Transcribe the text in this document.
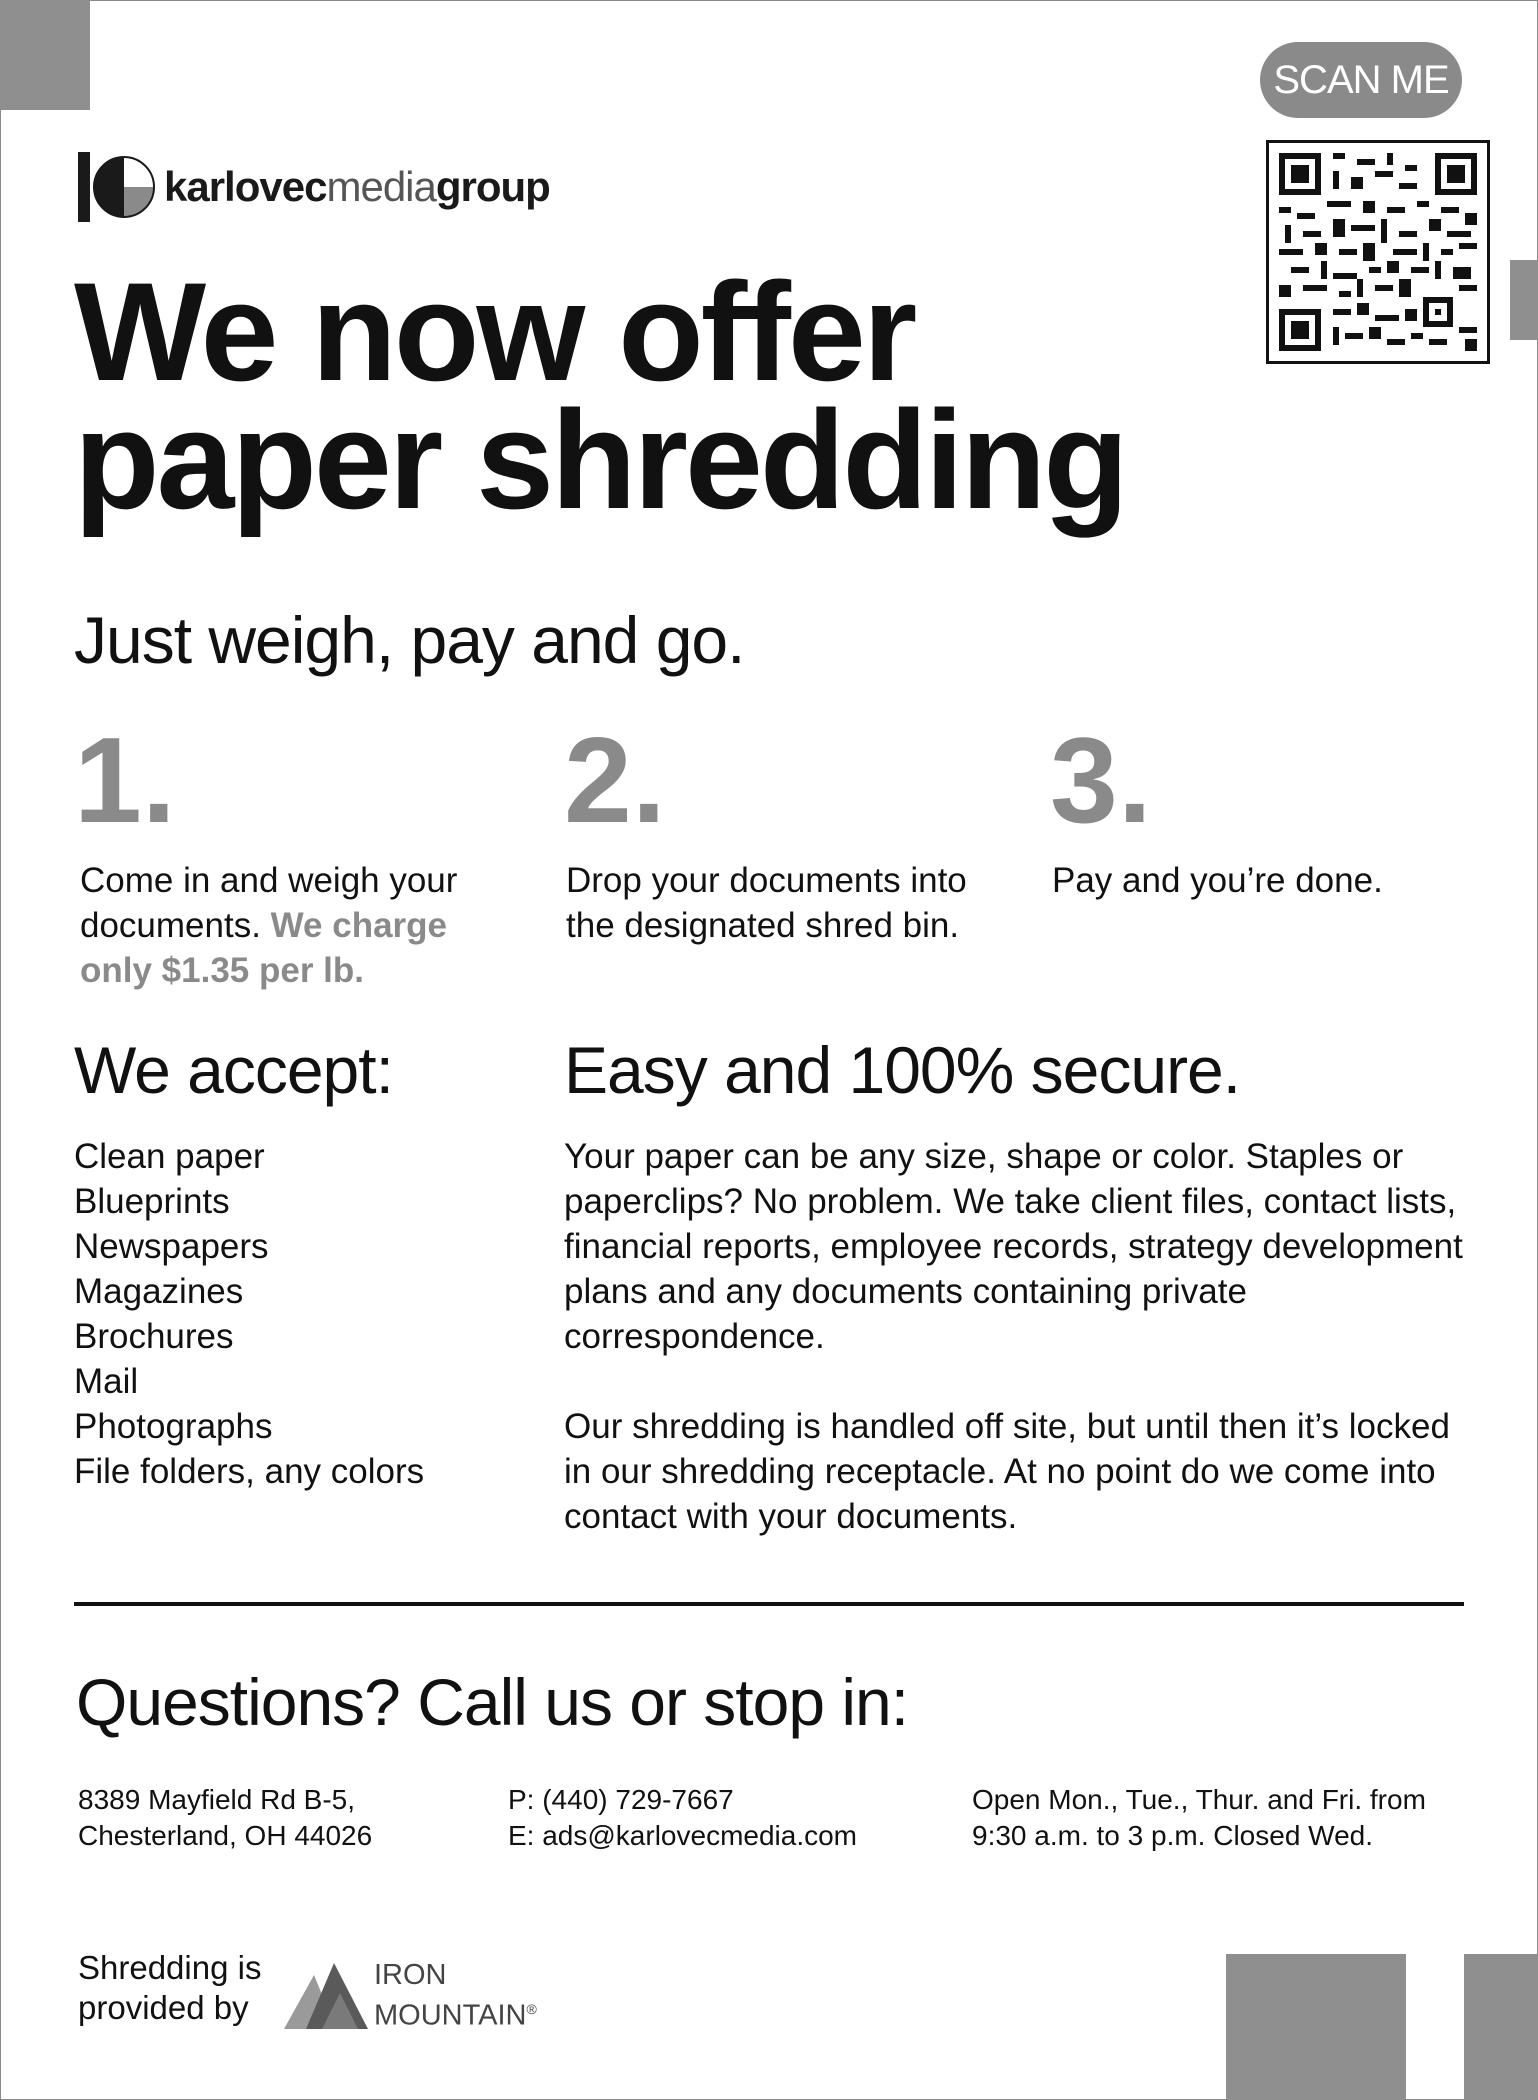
karlovecmediagroup
SCAN ME
We now offer
paper shredding
Just weigh, pay and go.
1.
Come in and weigh your documents. We charge only $1.35 per lb.
2.
Drop your documents into the designated shred bin.
3.
Pay and you’re done.
We accept:
Clean paper
Blueprints
Newspapers
Magazines
Brochures
Mail
Photographs
File folders, any colors
Easy and 100% secure.

Your paper can be any size, shape or color. Staples or paperclips? No problem. We take client files, contact lists, financial reports, employee records, strategy development plans and any documents containing private correspondence.

Our shredding is handled off site, but until then it’s locked in our shredding receptacle. At no point do we come into contact with your documents.

Questions? Call us or stop in:
8389 Mayfield Rd B-5,
Chesterland, OH 44026
P: (440) 729-7667
E: ads@karlovecmedia.com
Open Mon., Tue., Thur. and Fri. from
9:30 a.m. to 3 p.m. Closed Wed.
Shredding is
provided by
IRON
MOUNTAIN®
